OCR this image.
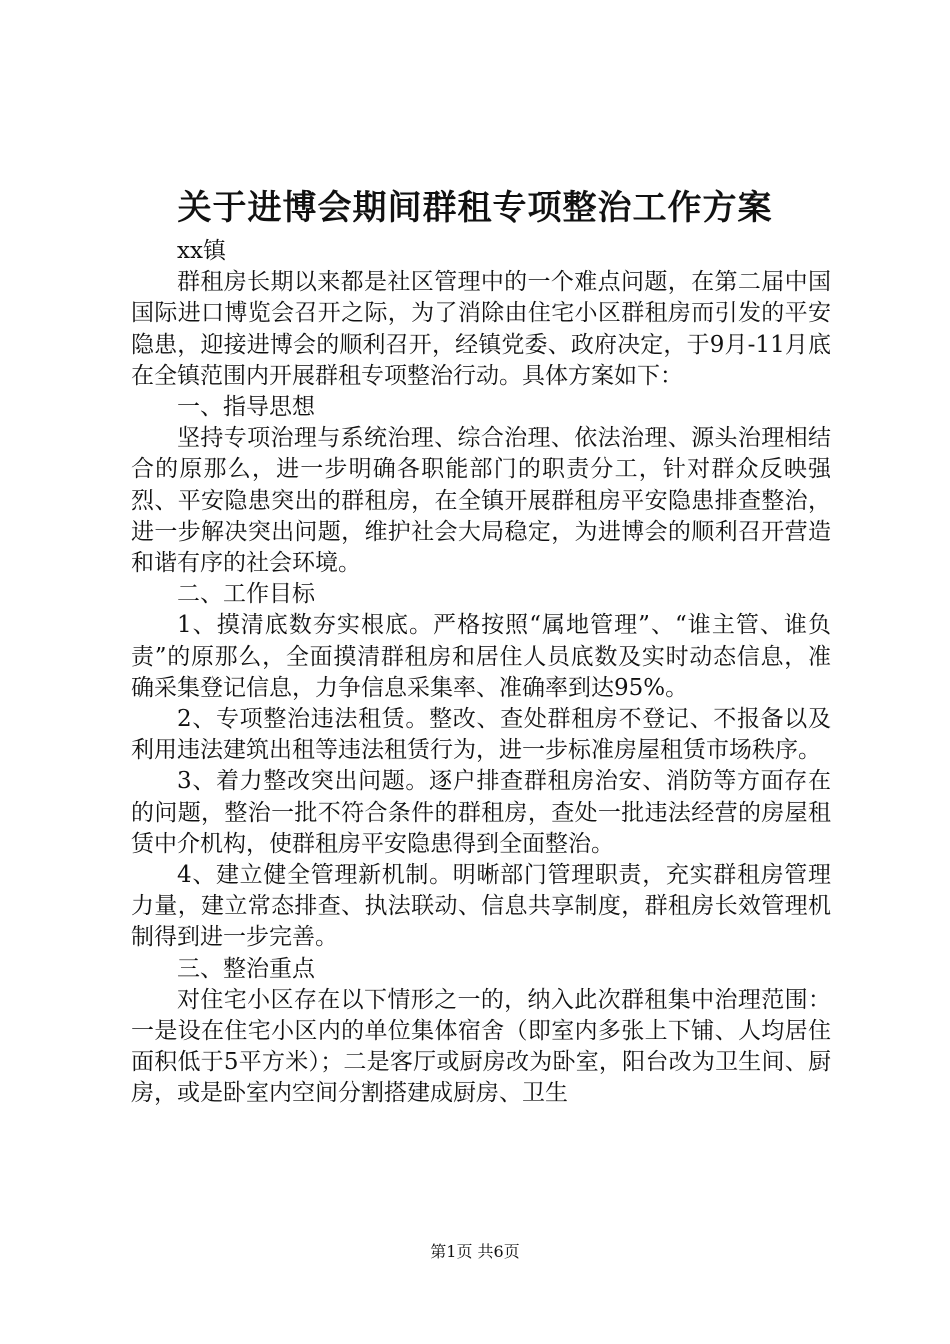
关于进博会期间群租专项整治工作方案

xx镇

群租房长期以来都是社区管理中的一个难点问题，在第二届中国国际进口博览会召开之际，为了消除由住宅小区群租房而引发的平安隐患，迎接进博会的顺利召开，经镇党委、政府决定，于9月-11月底在全镇范围内开展群租专项整治行动。具体方案如下：

一、指导思想

坚持专项治理与系统治理、综合治理、依法治理、源头治理相结合的原那么，进一步明确各职能部门的职责分工，针对群众反映强烈、平安隐患突出的群租房，在全镇开展群租房平安隐患排查整治，进一步解决突出问题，维护社会大局稳定，为进博会的顺利召开营造和谐有序的社会环境。

二、工作目标

1、摸清底数夯实根底。严格按照“属地管理”、“谁主管、谁负责”的原那么，全面摸清群租房和居住人员底数及实时动态信息，准确采集登记信息，力争信息采集率、准确率到达95%。

2、专项整治违法租赁。整改、查处群租房不登记、不报备以及利用违法建筑出租等违法租赁行为，进一步标准房屋租赁市场秩序。

3、着力整改突出问题。逐户排查群租房治安、消防等方面存在的问题，整治一批不符合条件的群租房，查处一批违法经营的房屋租赁中介机构，使群租房平安隐患得到全面整治。

4、建立健全管理新机制。明晰部门管理职责，充实群租房管理力量，建立常态排查、执法联动、信息共享制度，群租房长效管理机制得到进一步完善。

三、整治重点

对住宅小区存在以下情形之一的，纳入此次群租集中治理范围：一是设在住宅小区内的单位集体宿舍（即室内多张上下铺、人均居住面积低于5平方米）；二是客厅或厨房改为卧室，阳台改为卫生间、厨房，或是卧室内空间分割搭建成厨房、卫生

第1页 共6页
